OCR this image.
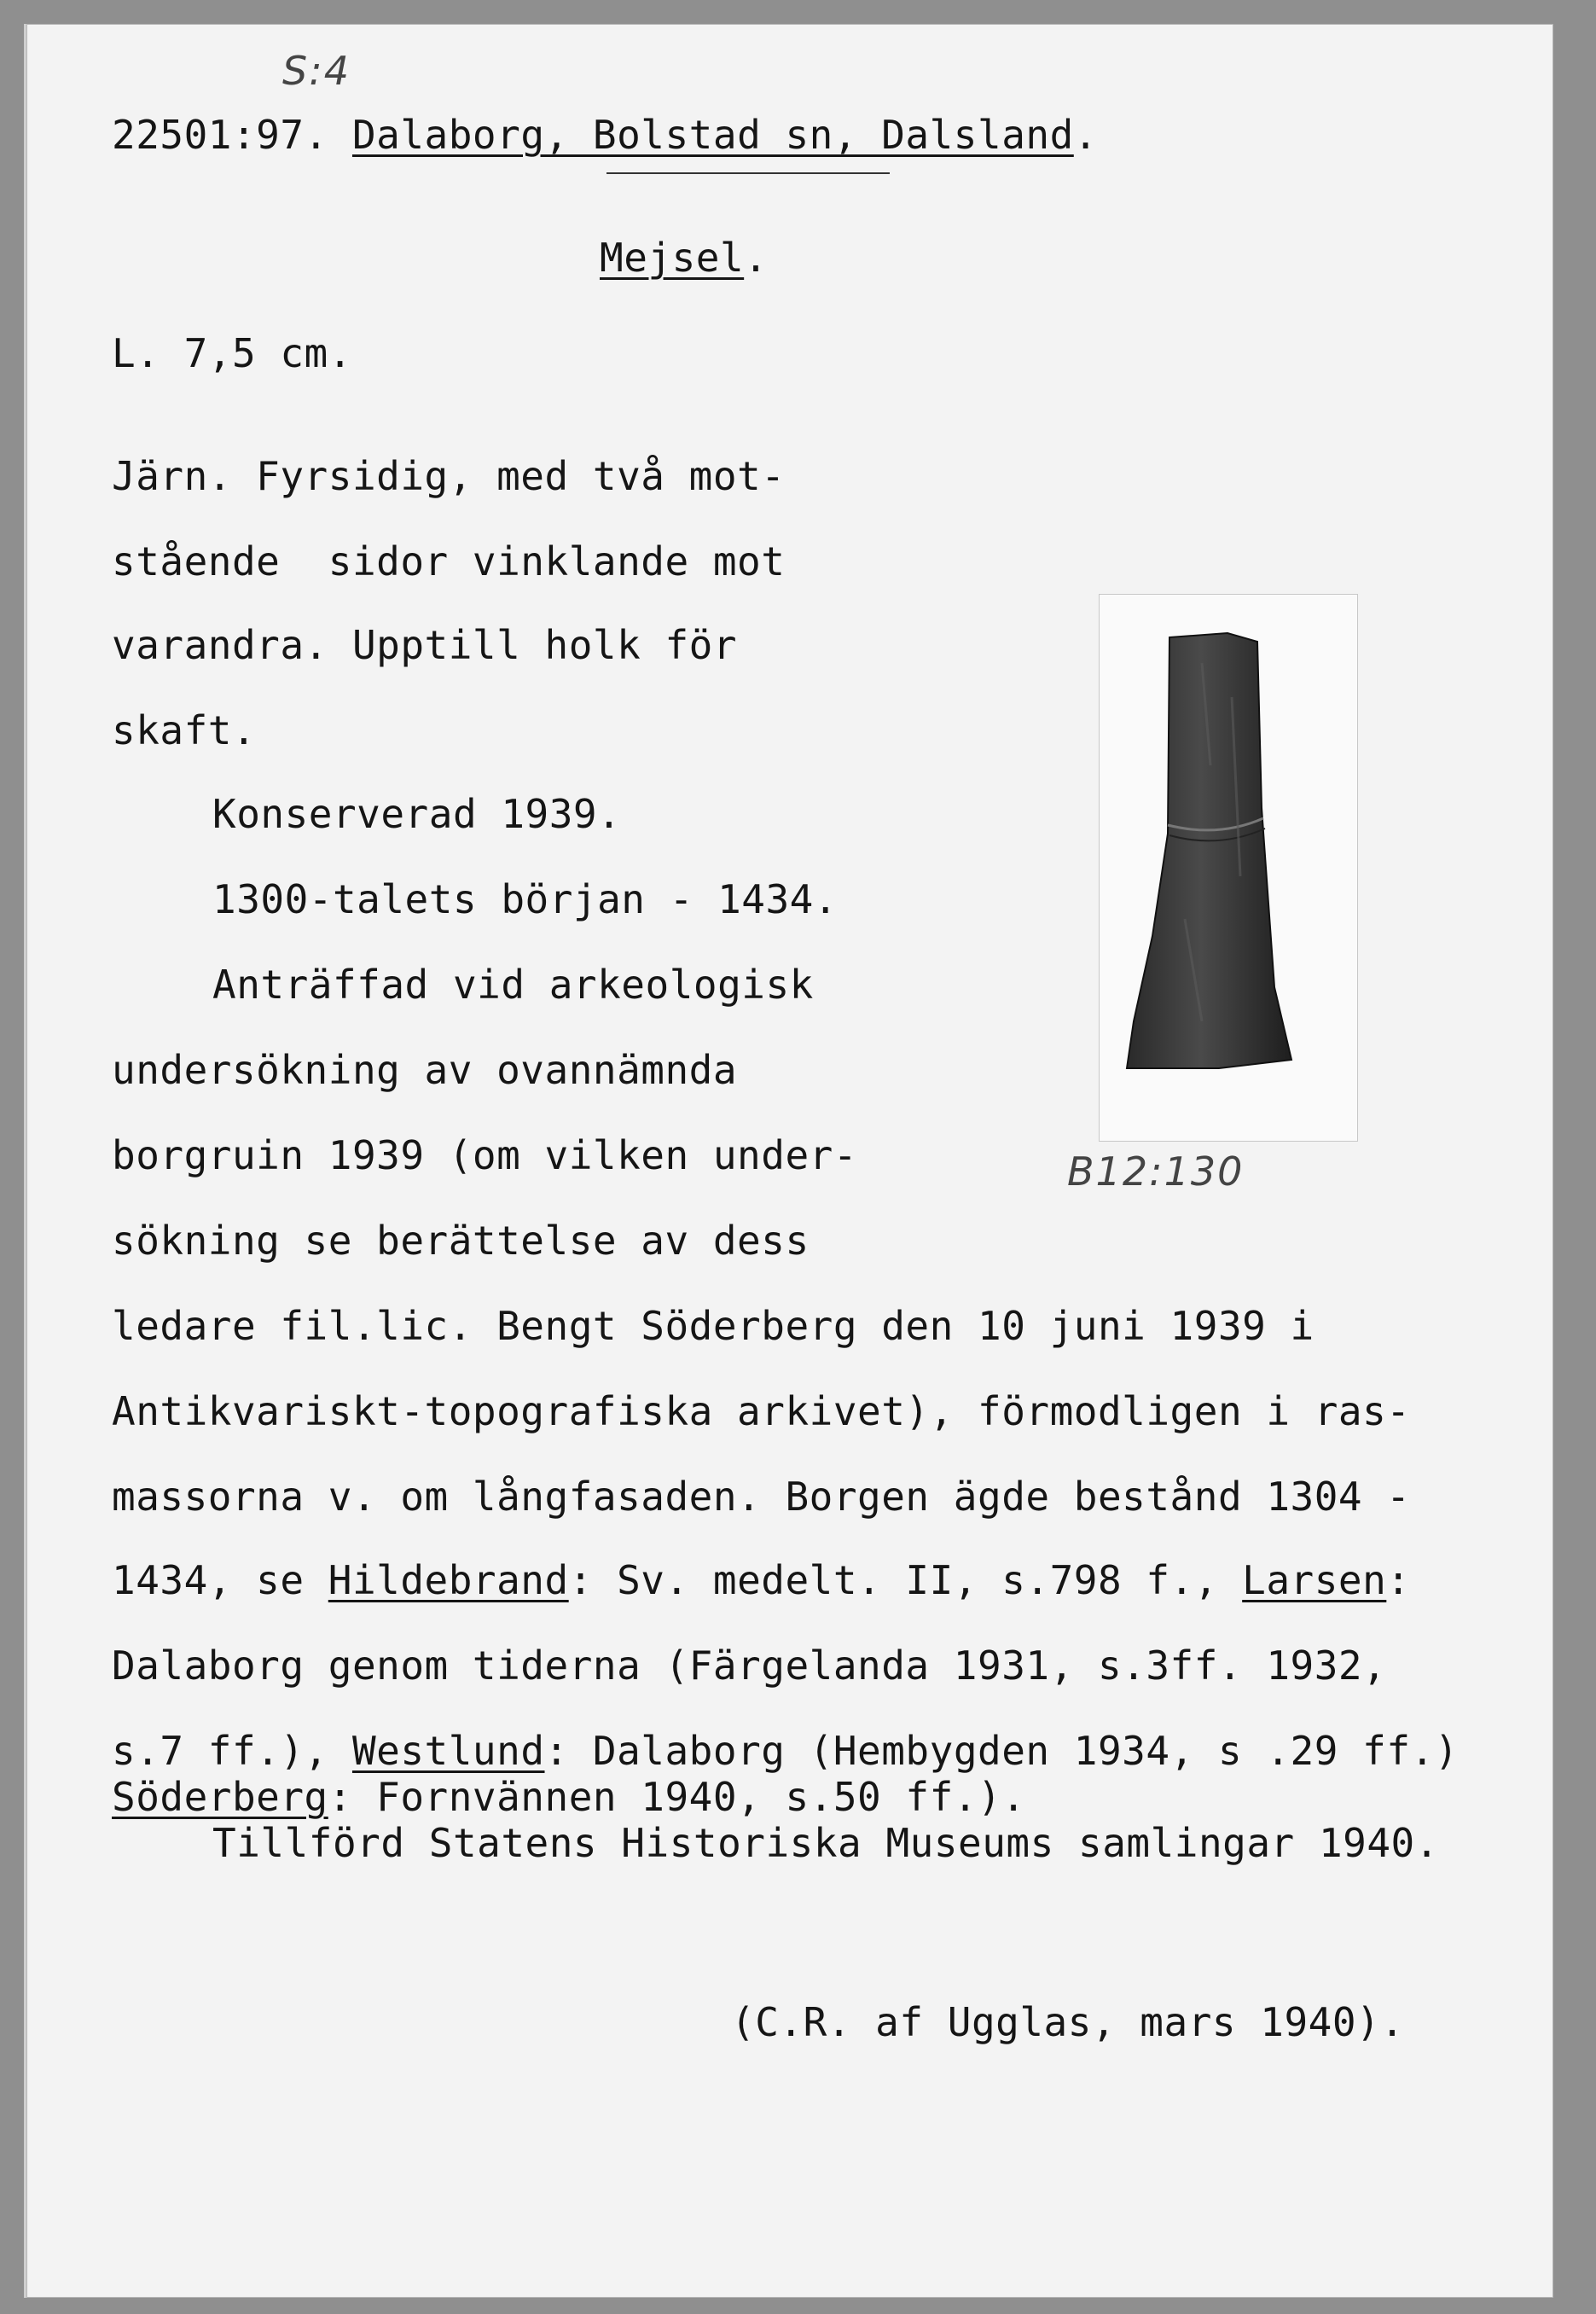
S:4
22501:97. Dalaborg, Bolstad sn, Dalsland.
Mejsel.
L. 7,5 cm.
Järn. Fyrsidig, med två mot-
stående  sidor vinklande mot
varandra. Upptill holk för
skaft.
Konserverad 1939.
1300-talets början - 1434.
Anträffad vid arkeologisk
undersökning av ovannämnda
borgruin 1939 (om vilken under-
sökning se berättelse av dess
ledare fil.lic. Bengt Söderberg den 10 juni 1939 i
Antikvariskt-topografiska arkivet), förmodligen i ras-
massorna v. om långfasaden. Borgen ägde bestånd 1304 -
1434, se Hildebrand: Sv. medelt. II, s.798 f., Larsen:
Dalaborg genom tiderna (Färgelanda 1931, s.3ff. 1932,
s.7 ff.), Westlund: Dalaborg (Hembygden 1934, s .29 ff.)
Söderberg: Fornvännen 1940, s.50 ff.).
Tillförd Statens Historiska Museums samlingar 1940.
(C.R. af Ugglas, mars 1940).
B12:130
